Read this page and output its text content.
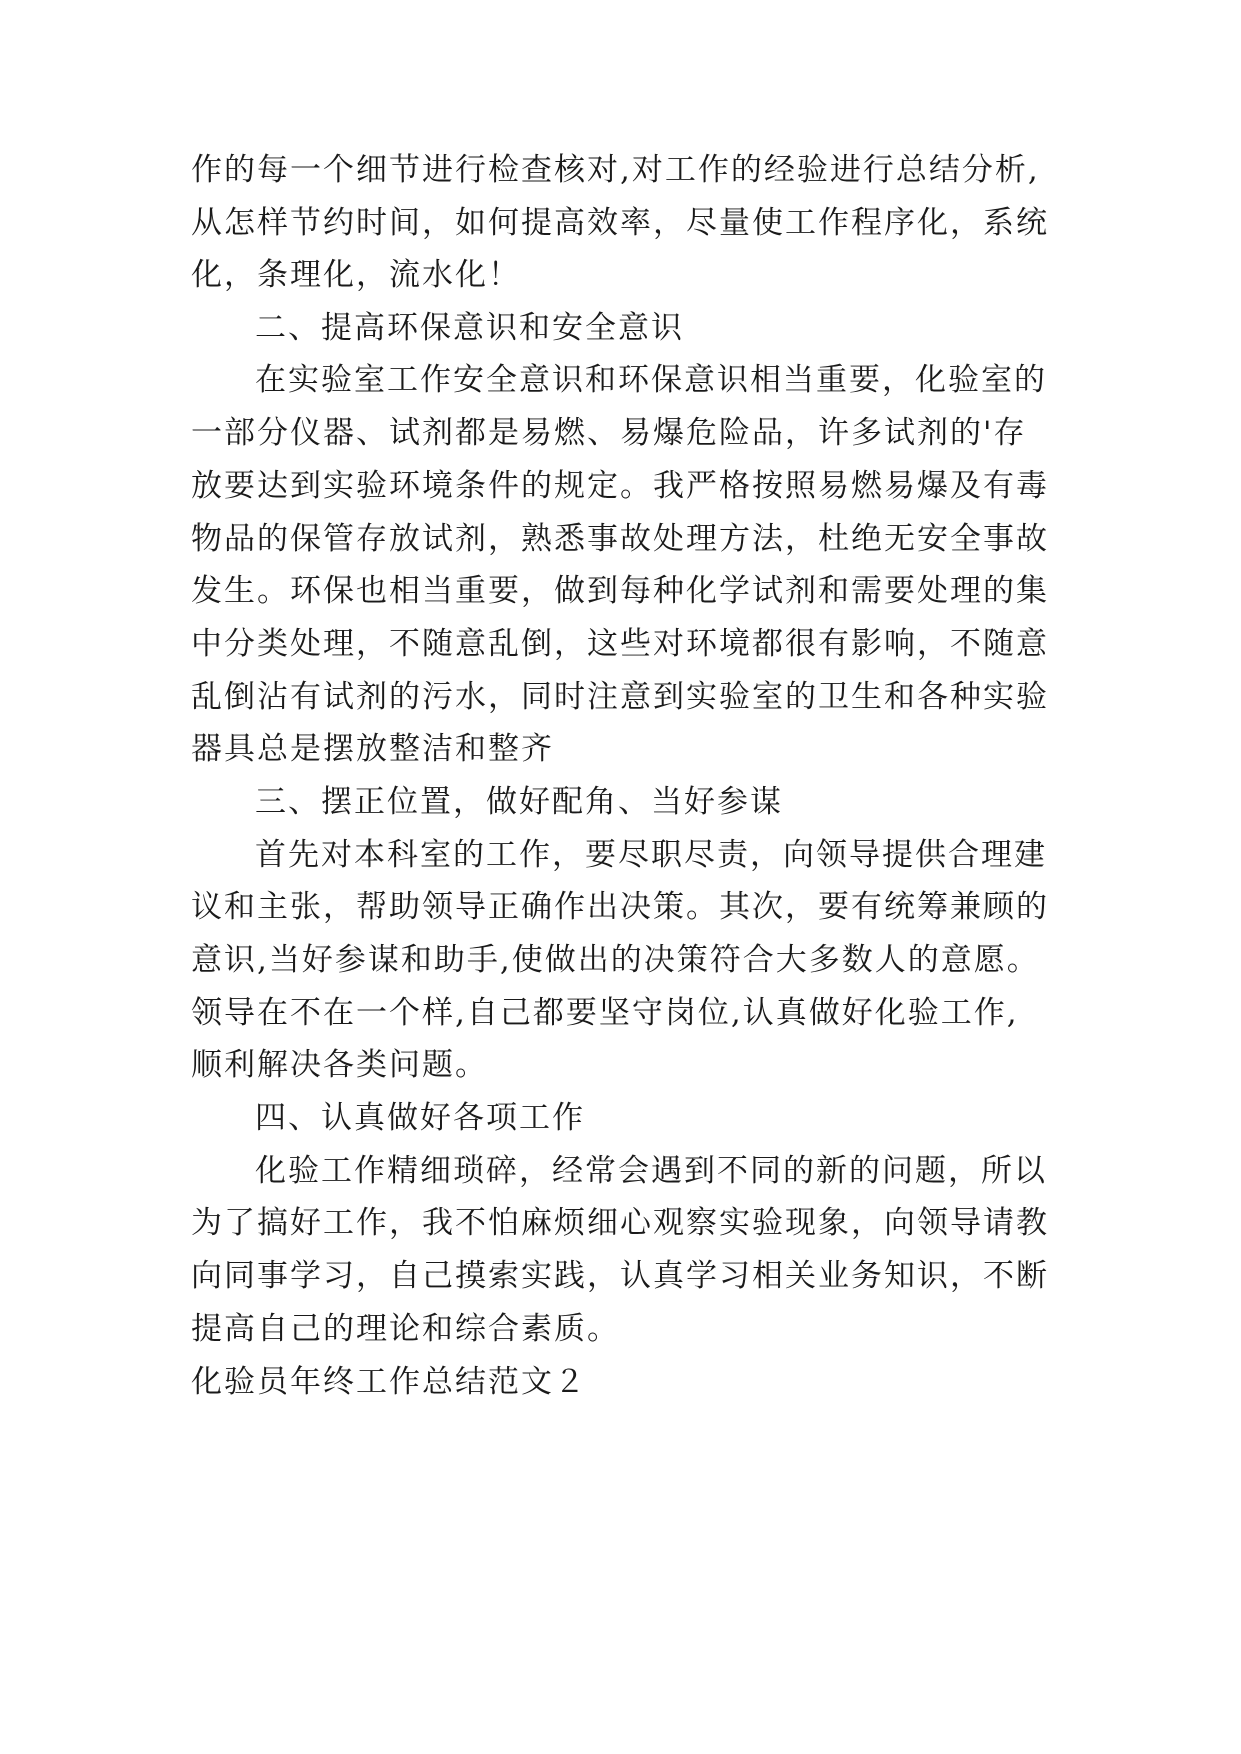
作的每一个细节进行检查核对,对工作的经验进行总结分析,
从怎样节约时间，如何提高效率，尽量使工作程序化，系统
化，条理化，流水化！
二、提高环保意识和安全意识
在实验室工作安全意识和环保意识相当重要，化验室的
一部分仪器、试剂都是易燃、易爆危险品，许多试剂的'存
放要达到实验环境条件的规定。我严格按照易燃易爆及有毒
物品的保管存放试剂，熟悉事故处理方法，杜绝无安全事故
发生。环保也相当重要，做到每种化学试剂和需要处理的集
中分类处理，不随意乱倒，这些对环境都很有影响，不随意
乱倒沾有试剂的污水，同时注意到实验室的卫生和各种实验
器具总是摆放整洁和整齐
三、摆正位置，做好配角、当好参谋
首先对本科室的工作，要尽职尽责，向领导提供合理建
议和主张，帮助领导正确作出决策。其次，要有统筹兼顾的
意识,当好参谋和助手,使做出的决策符合大多数人的意愿。
领导在不在一个样,自己都要坚守岗位,认真做好化验工作,
顺利解决各类问题。
四、认真做好各项工作
化验工作精细琐碎，经常会遇到不同的新的问题，所以
为了搞好工作，我不怕麻烦细心观察实验现象，向领导请教
向同事学习，自己摸索实践，认真学习相关业务知识，不断
提高自己的理论和综合素质。
化验员年终工作总结范文２
